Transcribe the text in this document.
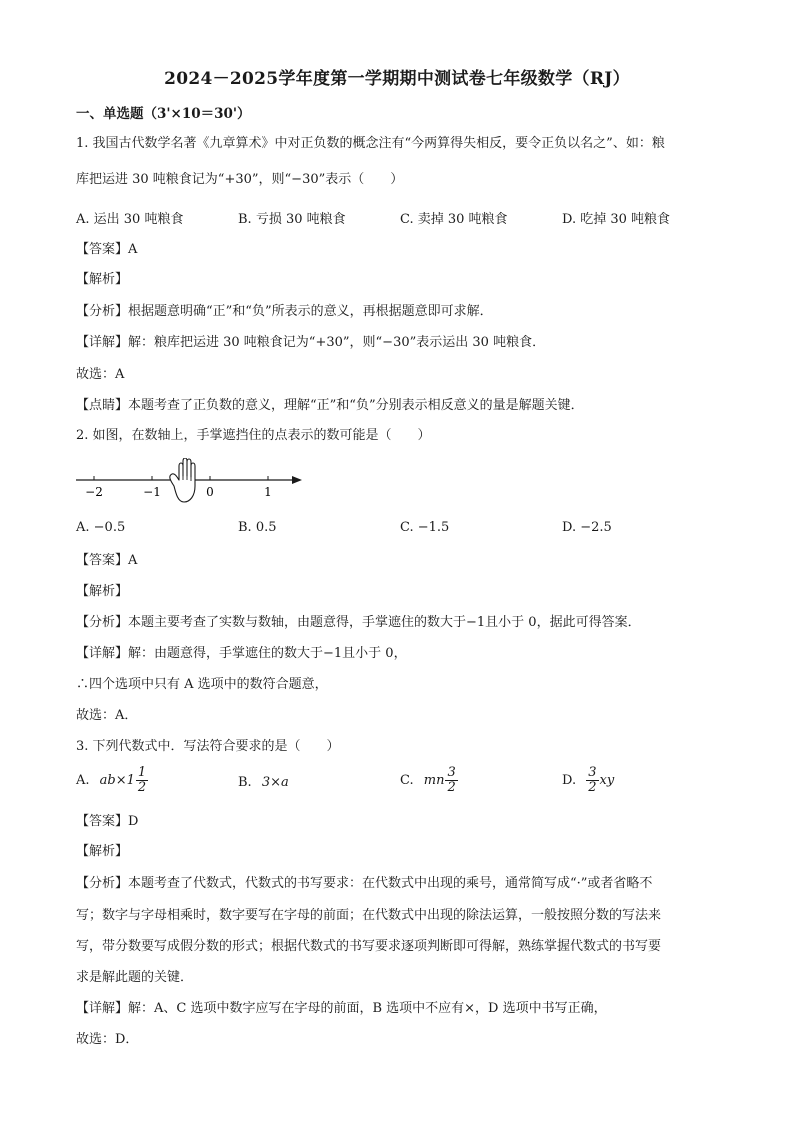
2024－2025学年度第一学期期中测试卷七年级数学（RJ）
一、单选题（3'×10＝30'）
1. 我国古代数学名著《九章算术》中对正负数的概念注有“今两算得失相反，要令正负以名之”、如：粮
库把运进 30 吨粮食记为“+30”，则“−30”表示（　　）
A. 运出 30 吨粮食	B. 亏损 30 吨粮食	C. 卖掉 30 吨粮食	D. 吃掉 30 吨粮食
【答案】A
【解析】
【分析】根据题意明确“正”和“负”所表示的意义，再根据题意即可求解．
【详解】解：粮库把运进 30 吨粮食记为“+30”，则“−30”表示运出 30 吨粮食．
故选：A
【点睛】本题考查了正负数的意义，理解“正”和“负”分别表示相反意义的量是解题关键．
2. 如图，在数轴上，手掌遮挡住的点表示的数可能是（　　）
−2	−1	0	1
A. −0.5	B. 0.5	C. −1.5	D. −2.5
【答案】A
【解析】
【分析】本题主要考查了实数与数轴，由题意得，手掌遮住的数大于−1且小于 0，据此可得答案．
【详解】解：由题意得，手掌遮住的数大于−1且小于 0，
∴四个选项中只有 A 选项中的数符合题意，
故选：A．
3. 下列代数式中．写法符合要求的是（　　）
A. $ab\times 1 \frac{1}{2}$	B. 3×a	C. mn $\frac{3}{2}$	D. $\frac{3}{2}$ xy
【答案】D
【解析】
【分析】本题考查了代数式，代数式的书写要求：在代数式中出现的乘号，通常简写成“·”或者省略不
写；数字与字母相乘时，数字要写在字母的前面；在代数式中出现的除法运算，一般按照分数的写法来
写，带分数要写成假分数的形式；根据代数式的书写要求逐项判断即可得解，熟练掌握代数式的书写要
求是解此题的关键．
【详解】解：A、C 选项中数字应写在字母的前面，B 选项中不应有×，D 选项中书写正确，
故选：D．
